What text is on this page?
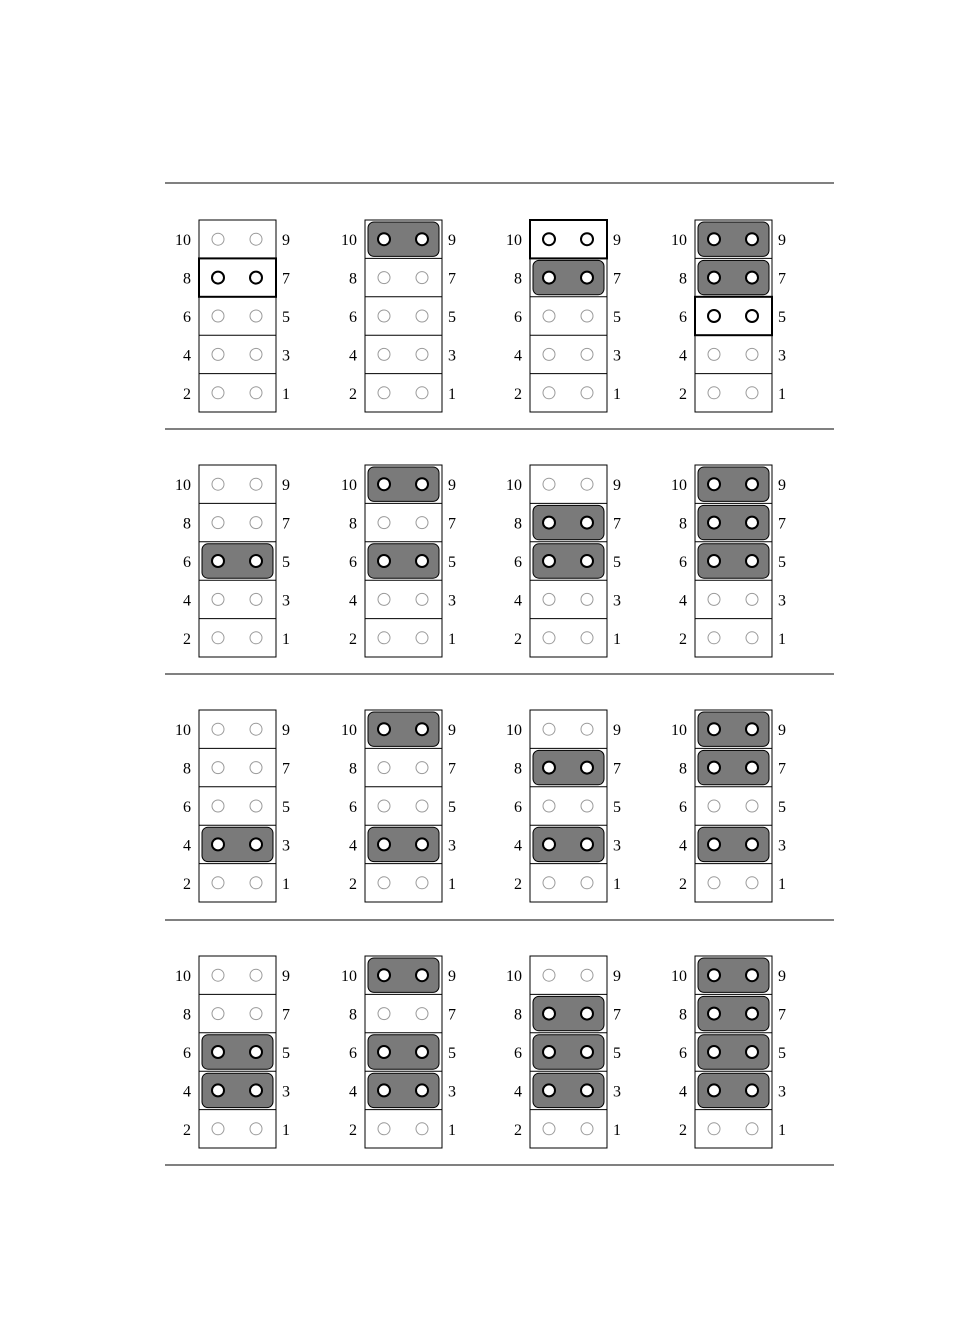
10	9
8	7
6	5
4	3
2	1
10	9
8	7
6	5
4	3
2	1
10	9
8	7
6	5
4	3
2	1
10	9
8	7
6	5
4	3
2	1
10	9
8	7
6	5
4	3
2	1
10	9
8	7
6	5
4	3
2	1
10	9
8	7
6	5
4	3
2	1
10	9
8	7
6	5
4	3
2	1
10	9
8	7
6	5
4	3
2	1
10	9
8	7
6	5
4	3
2	1
10	9
8	7
6	5
4	3
2	1
10	9
8	7
6	5
4	3
2	1
10	9
8	7
6	5
4	3
2	1
10	9
8	7
6	5
4	3
2	1
10	9
8	7
6	5
4	3
2	1
10	9
8	7
6	5
4	3
2	1
